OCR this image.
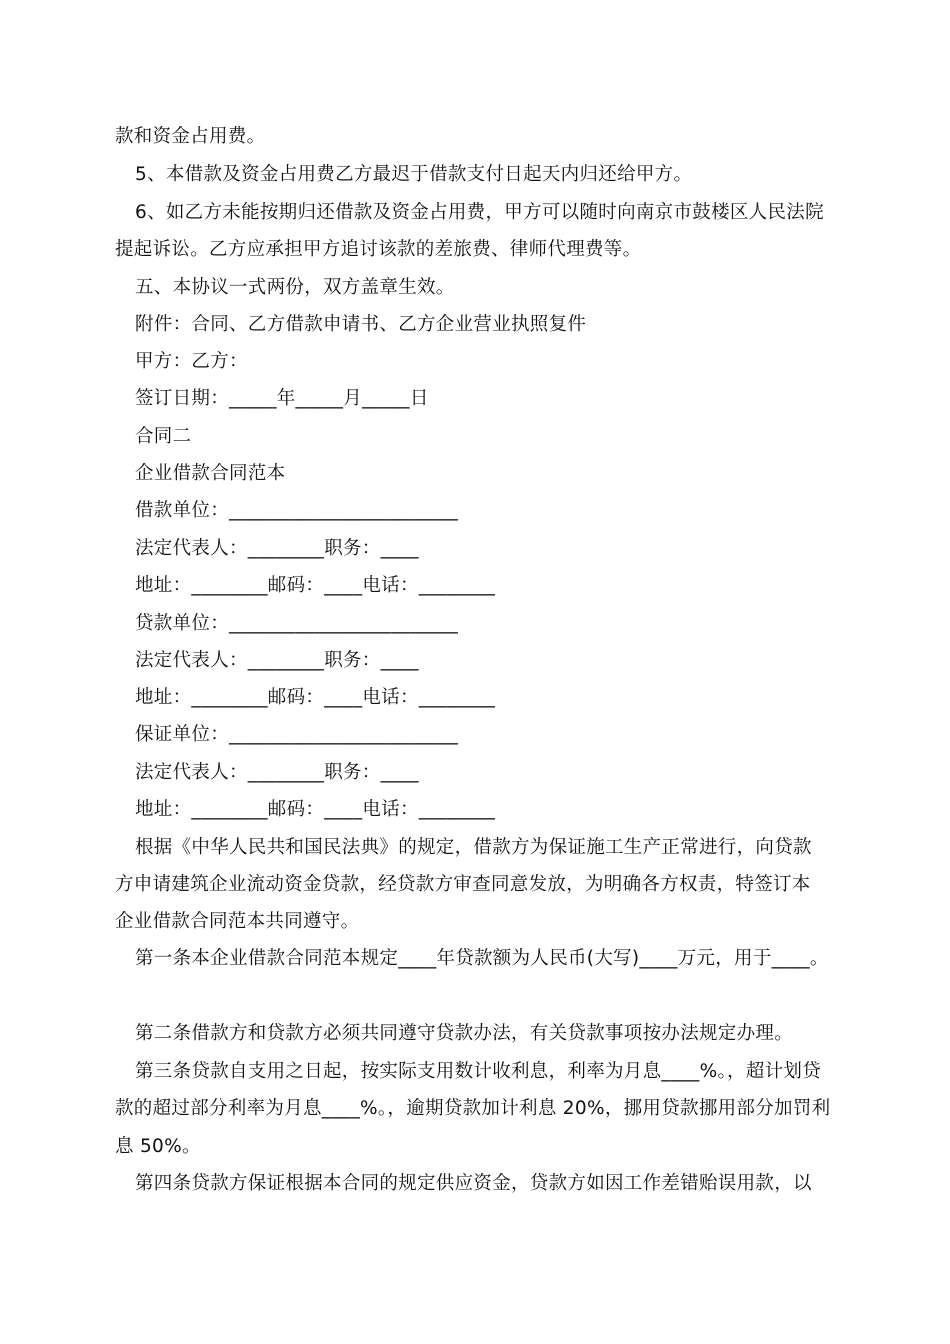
款和资金占用费。
5、本借款及资金占用费乙方最迟于借款支付日起天内归还给甲方。
6、如乙方未能按期归还借款及资金占用费，甲方可以随时向南京市鼓楼区人民法院
提起诉讼。乙方应承担甲方追讨该款的差旅费、律师代理费等。
五、本协议一式两份，双方盖章生效。
附件：合同、乙方借款申请书、乙方企业营业执照复件
甲方：乙方：
签订日期：_____年_____月_____日
合同二
企业借款合同范本
借款单位：________________________
法定代表人：________职务：____
地址：________邮码：____电话：________
贷款单位：________________________
法定代表人：________职务：____
地址：________邮码：____电话：________
保证单位：________________________
法定代表人：________职务：____
地址：________邮码：____电话：________
根据《中华人民共和国民法典》的规定，借款方为保证施工生产正常进行，向贷款
方申请建筑企业流动资金贷款，经贷款方审查同意发放，为明确各方权责，特签订本
企业借款合同范本共同遵守。
第一条本企业借款合同范本规定____年贷款额为人民币(大写)____万元，用于____。
第二条借款方和贷款方必须共同遵守贷款办法，有关贷款事项按办法规定办理。
第三条贷款自支用之日起，按实际支用数计收利息，利率为月息____%。，超计划贷
款的超过部分利率为月息____%。，逾期贷款加计利息 20%，挪用贷款挪用部分加罚利
息 50%。
第四条贷款方保证根据本合同的规定供应资金，贷款方如因工作差错贻误用款，以
